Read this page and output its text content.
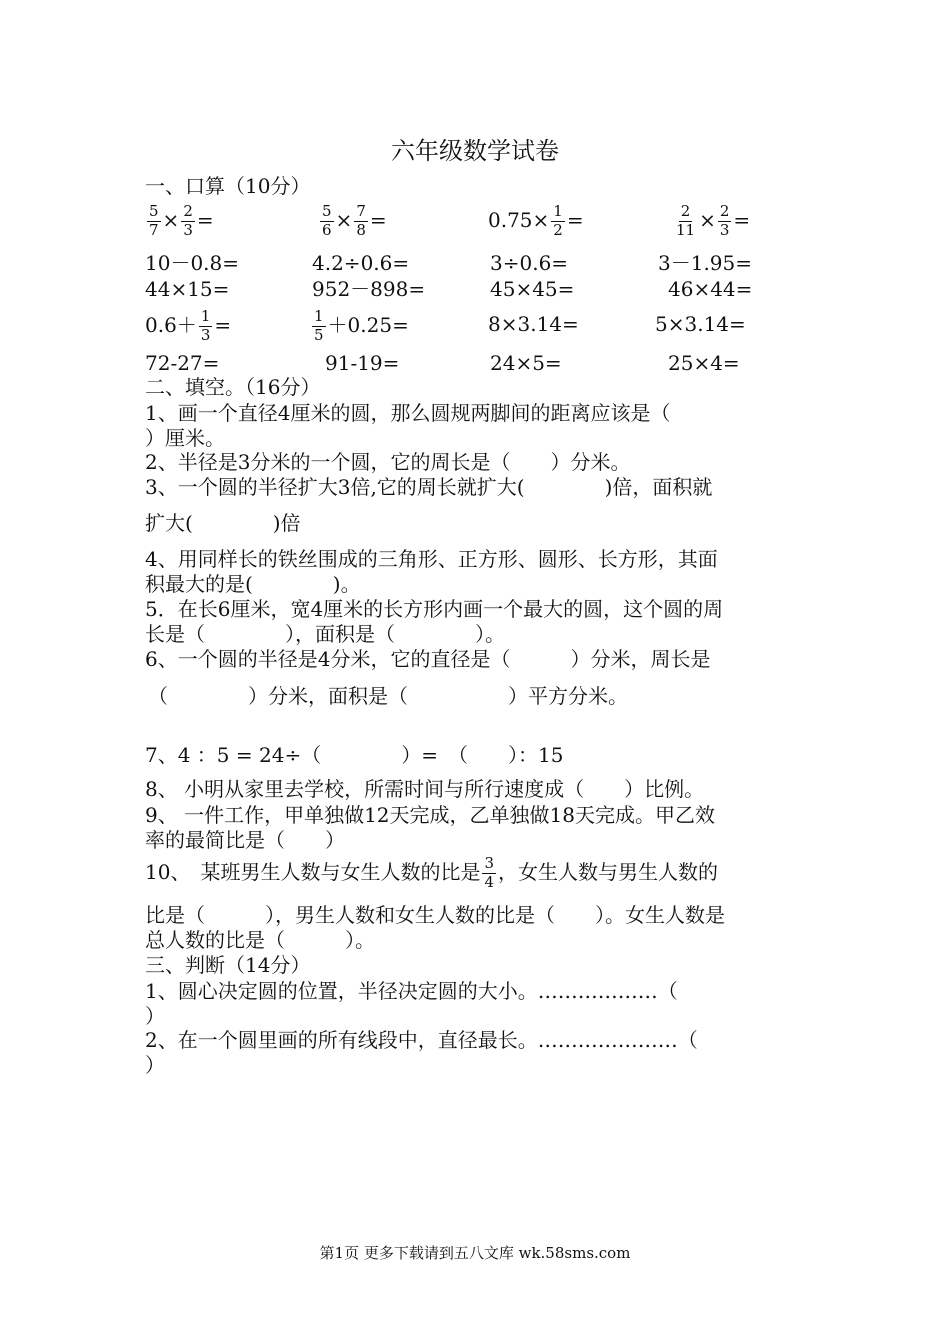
六年级数学试卷
一、口算（10分）
$\frac{5}{7} \times \frac{2}{3}$ =	$\frac{5}{6} \times \frac{7}{8}$ =	$0.75\times \frac{1}{2}$ =	$\frac{2}{11} \times \frac{2}{3}$ =
10－0.8=	4.2÷0.6=	3÷0.6=	3－1.95=
44×15=	952－898=	45×45=	46×44=
$0.6+ \frac{1}{3}$ =	$\frac{1}{5} +0.25=$	8×3.14=	5×3.14=
72-27=	91-19=	24×5=	25×4=
二、填空。（16分）
1、画一个直径4厘米的圆，那么圆规两脚间的距离应该是（
）厘米。
2、半径是3分米的一个圆，它的周长是（　　）分米。
3、一个圆的半径扩大3倍,它的周长就扩大(　　　　)倍，面积就
扩大(　　　　)倍
4、用同样长的铁丝围成的三角形、正方形、圆形、长方形，其面
积最大的是(　　　　)。
5．在长6厘米，宽4厘米的长方形内画一个最大的圆，这个圆的周
长是（　　　　），面积是（　　　　）。
6、一个圆的半径是4分米，它的直径是（　　　）分米，周长是
（　　　　）分米，面积是（　　　　　）平方分米。
7、4 ：5 = 24÷（　　　　）=　（　　）：15
8、 小明从家里去学校，所需时间与所行速度成（　　）比例。
9、 一件工作，甲单独做12天完成，乙单独做18天完成。甲乙效
率的最简比是（　　）
10、　某班男生人数与女生人数的比是 $\frac{3}{4}$ ，女生人数与男生人数的
比是（　　　），男生人数和女生人数的比是（　　）。女生人数是
总人数的比是（　　　）。
三、判断（14分）
1、圆心决定圆的位置，半径决定圆的大小。………………（
）
2、在一个圆里画的所有线段中，直径最长。…………………（
）
第1页 更多下载请到五八文库 wk.58sms.com
